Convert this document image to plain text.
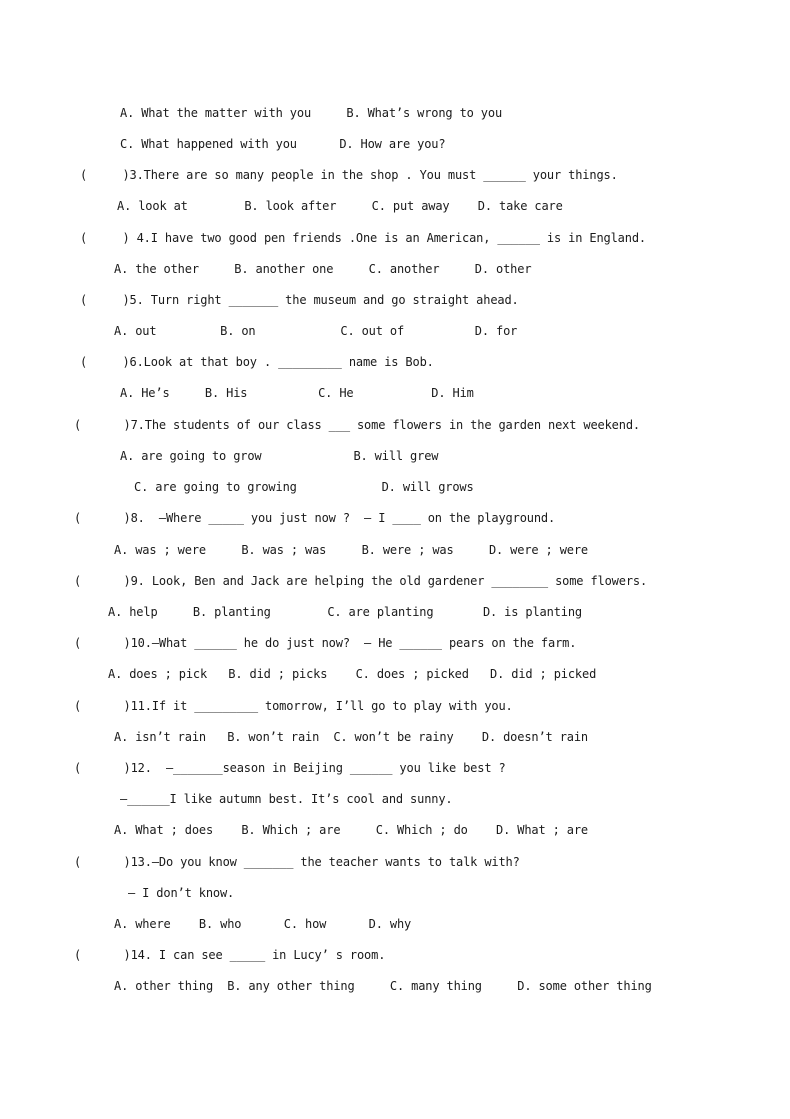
A. What the matter with you     B. What’s wrong to you
C. What happened with you      D. How are you?
(     )3.There are so many people in the shop . You must ______ your things.
A. look at        B. look after     C. put away    D. take care
(     ) 4.I have two good pen friends .One is an American, ______ is in England.
A. the other     B. another one     C. another     D. other
(     )5. Turn right _______ the museum and go straight ahead.
A. out         B. on            C. out of          D. for
(     )6.Look at that boy . _________ name is Bob.
A. He’s     B. His          C. He           D. Him
(      )7.The students of our class ___ some flowers in the garden next weekend.
A. are going to grow             B. will grew
C. are going to growing            D. will grows
(      )8.  —Where _____ you just now ?  — I ____ on the playground.
A. was ; were     B. was ; was     B. were ; was     D. were ; were
(      )9. Look, Ben and Jack are helping the old gardener ________ some flowers.
A. help     B. planting        C. are planting       D. is planting
(      )10.—What ______ he do just now?  — He ______ pears on the farm.
A. does ; pick   B. did ; picks    C. does ; picked   D. did ; picked
(      )11.If it _________ tomorrow, I’ll go to play with you.
A. isn’t rain   B. won’t rain  C. won’t be rainy    D. doesn’t rain
(      )12.  —_______season in Beijing ______ you like best ?
—______I like autumn best. It’s cool and sunny.
A. What ; does    B. Which ; are     C. Which ; do    D. What ; are
(      )13.—Do you know _______ the teacher wants to talk with?
— I don’t know.
A. where    B. who      C. how      D. why
(      )14. I can see _____ in Lucy’ s room.
A. other thing  B. any other thing     C. many thing     D. some other thing
